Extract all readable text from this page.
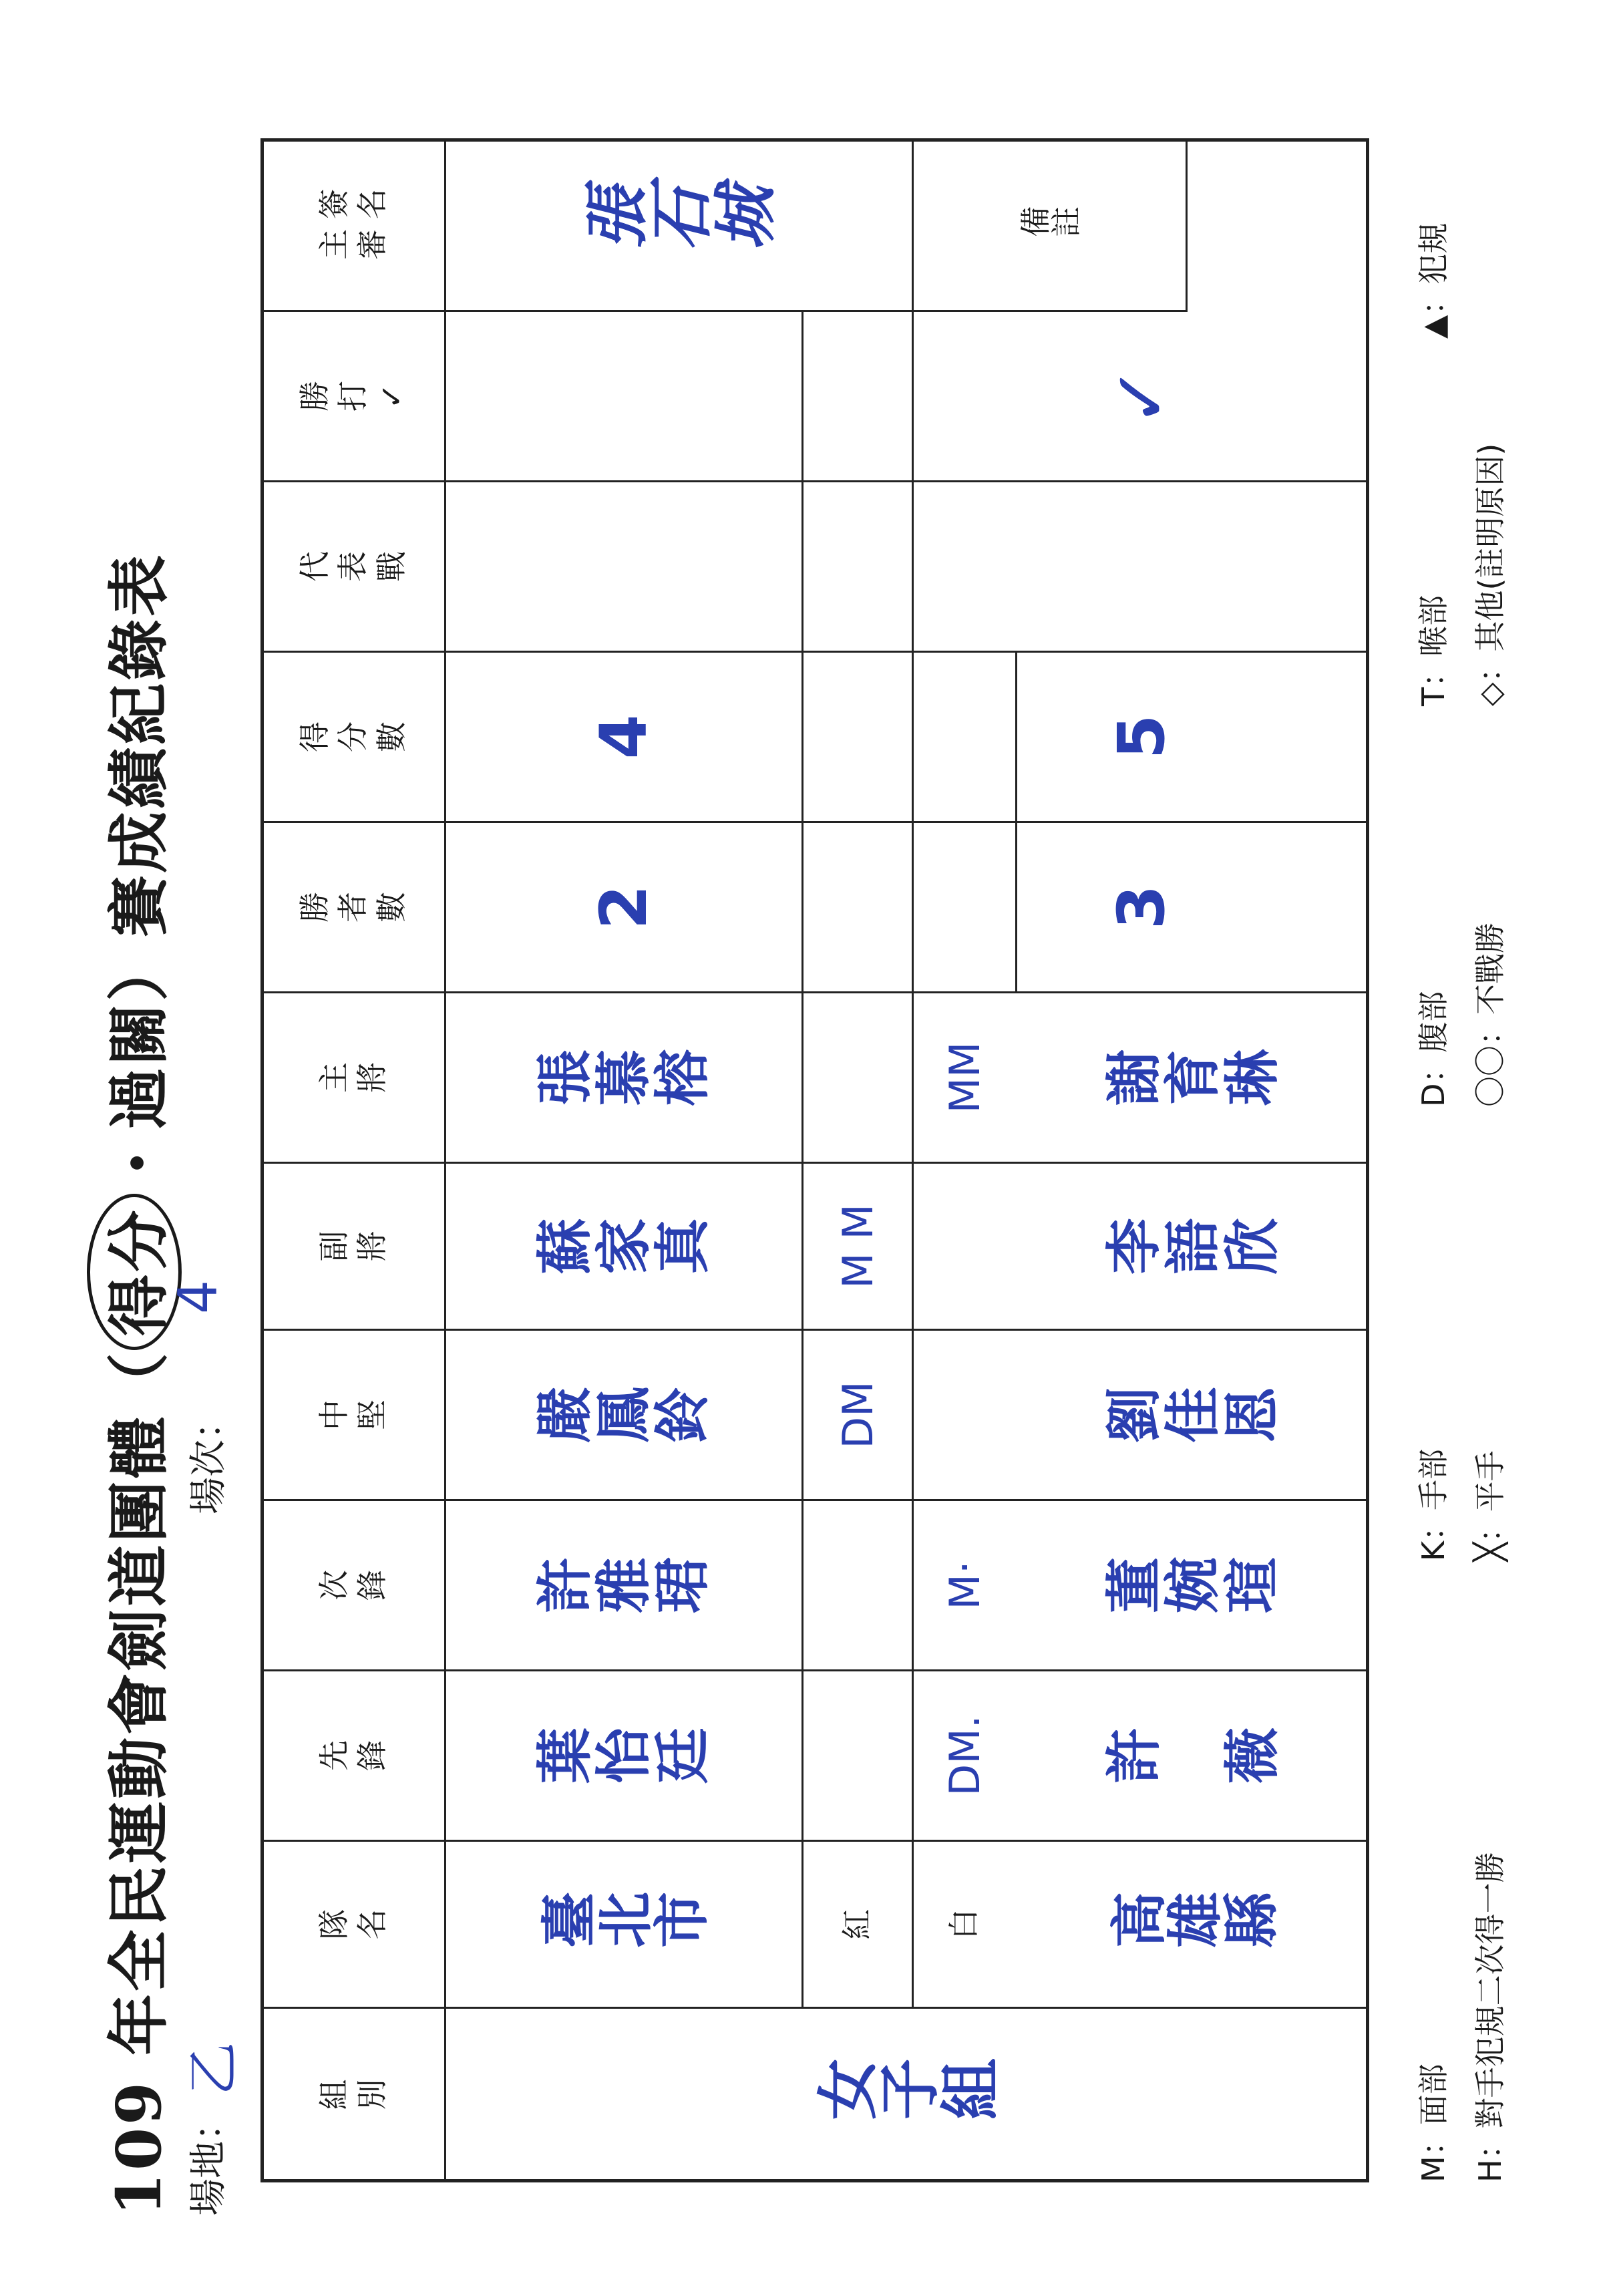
109 年全民運動會劍道團體（得分・過關）賽成績紀錄表
場地：
乙
場次：
4
組
別
隊
名
先
鋒
次
鋒
中
堅
副
將
主
將
勝
者
數
得
分
數
代
表
戰
勝
打
✓
主 簽
審 名
女子組
臺北市
葉
怡
廷
許
雅
珺
嚴
鳳
鈴
蘇
家
真
張
慕
榕
2
4
紅
DM
M M
白
DM.
M·
MM
高雄縣
許

薇
董
婉
瑄
劉
佳
恩
李
語
欣
謝
育
琳
3
5
✓
張石城	備註
M：面部
K：手部
D：腹部
T：喉部
▲：犯規
H：對手犯規二次得一勝
╳：平手
〇〇：不戰勝
◇：其他(註明原因)
